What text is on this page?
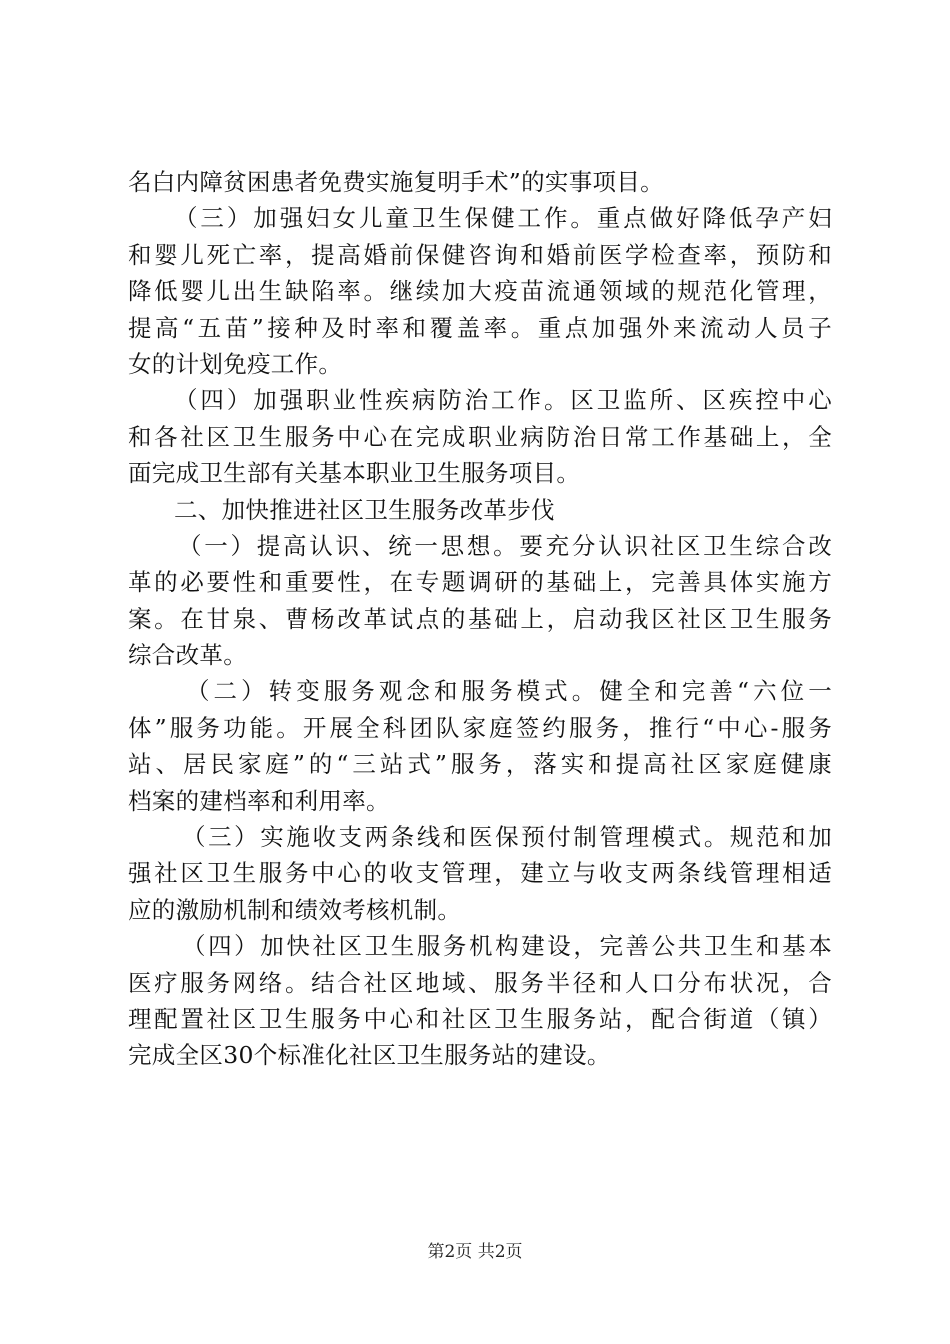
名白内障贫困患者免费实施复明手术”的实事项目。
（三）加强妇女儿童卫生保健工作。重点做好降低孕产妇
和婴儿死亡率，提高婚前保健咨询和婚前医学检查率，预防和
降低婴儿出生缺陷率。继续加大疫苗流通领域的规范化管理，
提高“五苗”接种及时率和覆盖率。重点加强外来流动人员子
女的计划免疫工作。
（四）加强职业性疾病防治工作。区卫监所、区疾控中心
和各社区卫生服务中心在完成职业病防治日常工作基础上，全
面完成卫生部有关基本职业卫生服务项目。
二、加快推进社区卫生服务改革步伐
（一）提高认识、统一思想。要充分认识社区卫生综合改
革的必要性和重要性，在专题调研的基础上，完善具体实施方
案。在甘泉、曹杨改革试点的基础上，启动我区社区卫生服务
综合改革。
（二）转变服务观念和服务模式。健全和完善“六位一
体”服务功能。开展全科团队家庭签约服务，推行“中心-服务
站、居民家庭”的“三站式”服务，落实和提高社区家庭健康
档案的建档率和利用率。
（三）实施收支两条线和医保预付制管理模式。规范和加
强社区卫生服务中心的收支管理，建立与收支两条线管理相适
应的激励机制和绩效考核机制。
（四）加快社区卫生服务机构建设，完善公共卫生和基本
医疗服务网络。结合社区地域、服务半径和人口分布状况，合
理配置社区卫生服务中心和社区卫生服务站，配合街道（镇）
完成全区30个标准化社区卫生服务站的建设。
第2页 共2页
